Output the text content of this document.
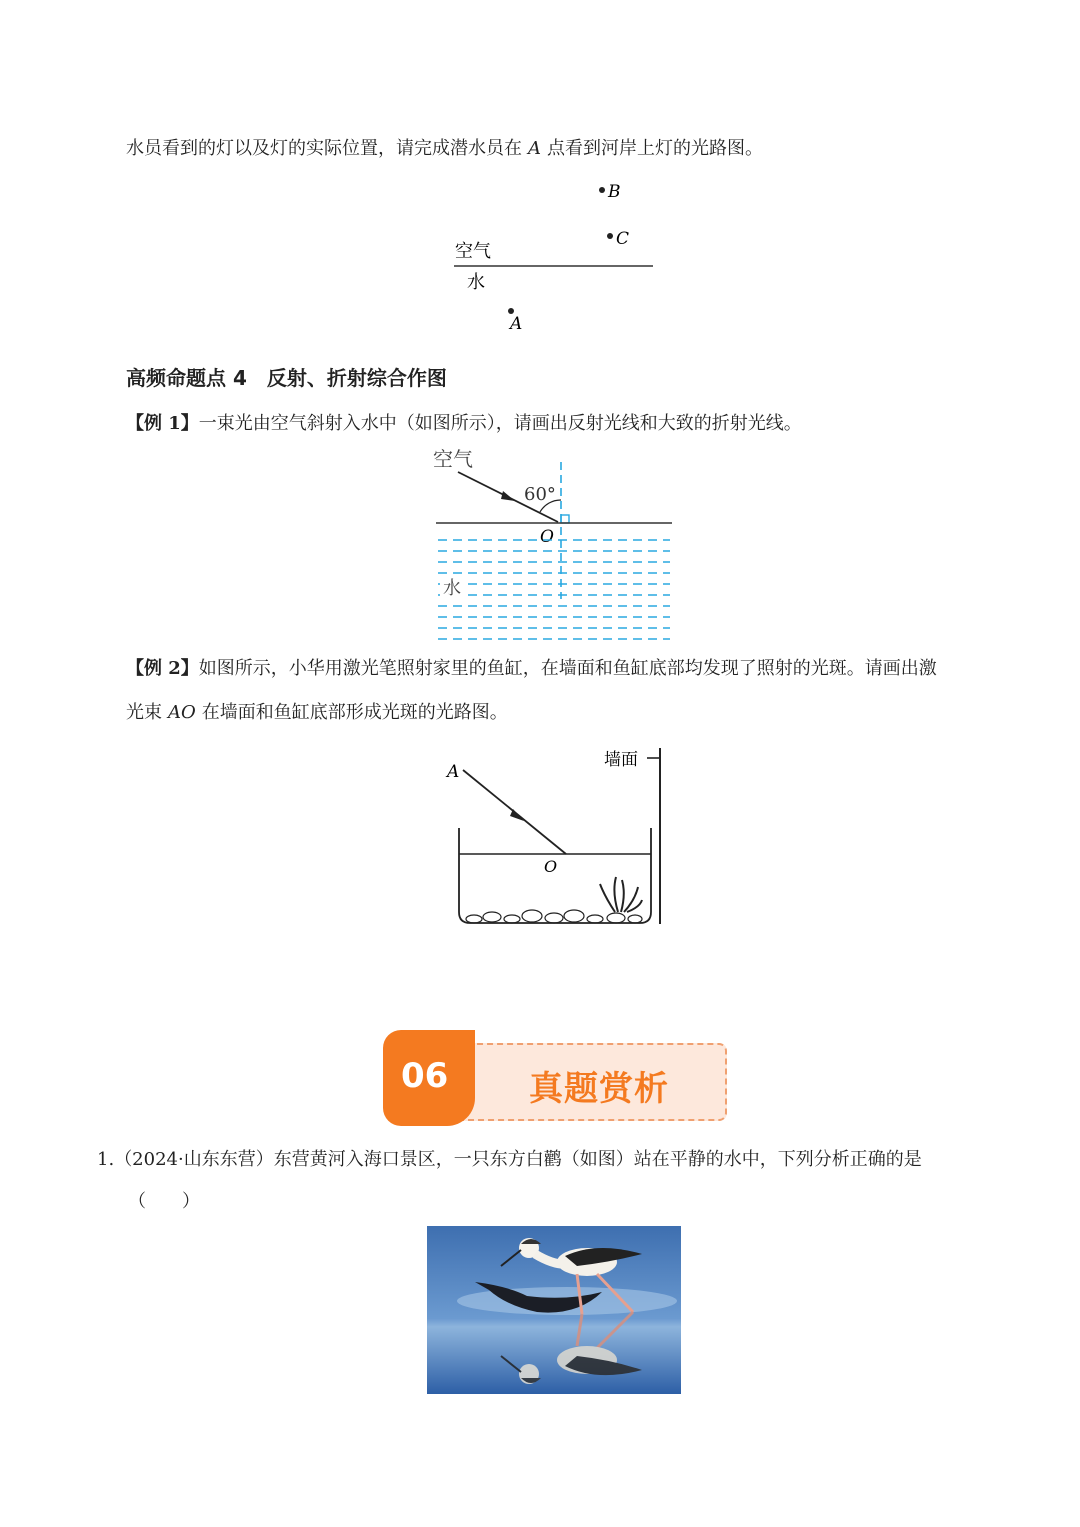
水员看到的灯以及灯的实际位置，请完成潜水员在 A 点看到河岸上灯的光路图。
B
C
空气
水
A
高频命题点 4　反射、折射综合作图
【例 1】一束光由空气斜射入水中（如图所示），请画出反射光线和大致的折射光线。
空气
60°
O
水
【例 2】如图所示，小华用激光笔照射家里的鱼缸，在墙面和鱼缸底部均发现了照射的光斑。请画出激
光束 AO 在墙面和鱼缸底部形成光斑的光路图。
墙面
A
O
06 真题赏析
1.（2024·山东东营）东营黄河入海口景区，一只东方白鹳（如图）站在平静的水中，下列分析正确的是
（　　）
